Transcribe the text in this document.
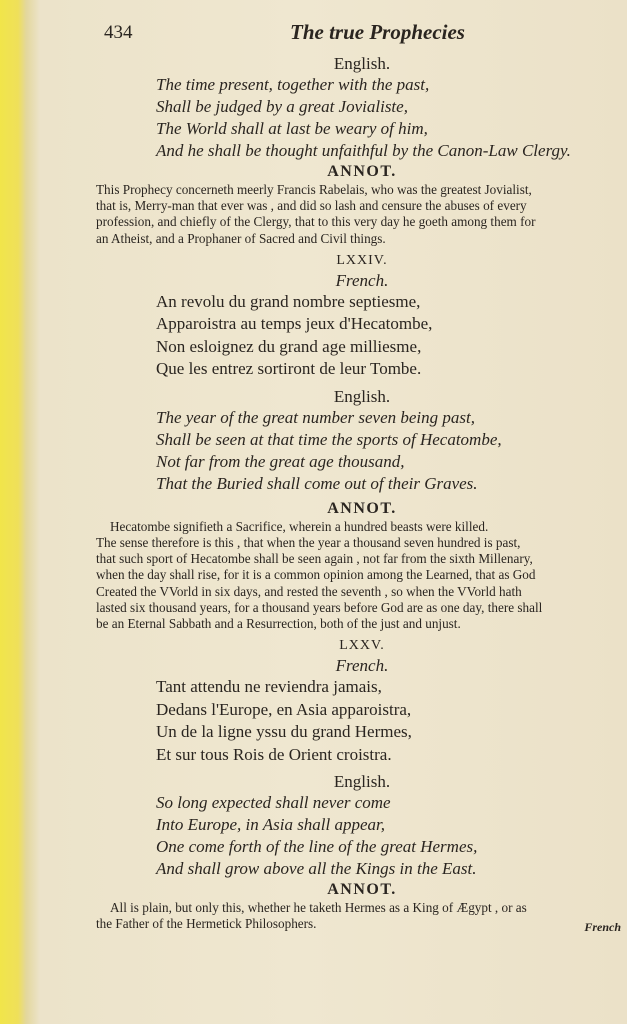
434	The true Prophecies
English.
The time present, together with the past,
Shall be judged by a great Jovialiste,
The World shall at last be weary of him,
And he shall be thought unfaithful by the Canon-Law Clergy.
ANNOT.
This Prophecy concerneth meerly Francis Rabelais, who was the greatest Jovialist,
that is, Merry-man that ever was , and did so lash and censure the abuses of every
profession, and chiefly of the Clergy, that to this very day he goeth among them for
an Atheist, and a Prophaner of Sacred and Civil things.
LXXIV.
French.
An revolu du grand nombre septiesme,
Apparoistra au temps jeux d'Hecatombe,
Non esloignez du grand age milliesme,
Que les entrez sortiront de leur Tombe.
English.
The year of the great number seven being past,
Shall be seen at that time the sports of Hecatombe,
Not far from the great age thousand,
That the Buried shall come out of their Graves.
ANNOT.
Hecatombe signifieth a Sacrifice, wherein a hundred beasts were killed.
The sense therefore is this , that when the year a thousand seven hundred is past,
that such sport of Hecatombe shall be seen again , not far from the sixth Millenary,
when the day shall rise, for it is a common opinion among the Learned, that as God
Created the VVorld in six days, and rested the seventh , so when the VVorld hath
lasted six thousand years, for a thousand years before God are as one day, there shall
be an Eternal Sabbath and a Resurrection, both of the just and unjust.
LXXV.
French.
Tant attendu ne reviendra jamais,
Dedans l'Europe, en Asia apparoistra,
Un de la ligne yssu du grand Hermes,
Et sur tous Rois de Orient croistra.
English.
So long expected shall never come
Into Europe, in Asia shall appear,
One come forth of the line of the great Hermes,
And shall grow above all the Kings in the East.
ANNOT.
All is plain, but only this, whether he taketh Hermes as a King of Ægypt , or as
the Father of the Hermetick Philosophers.	French
